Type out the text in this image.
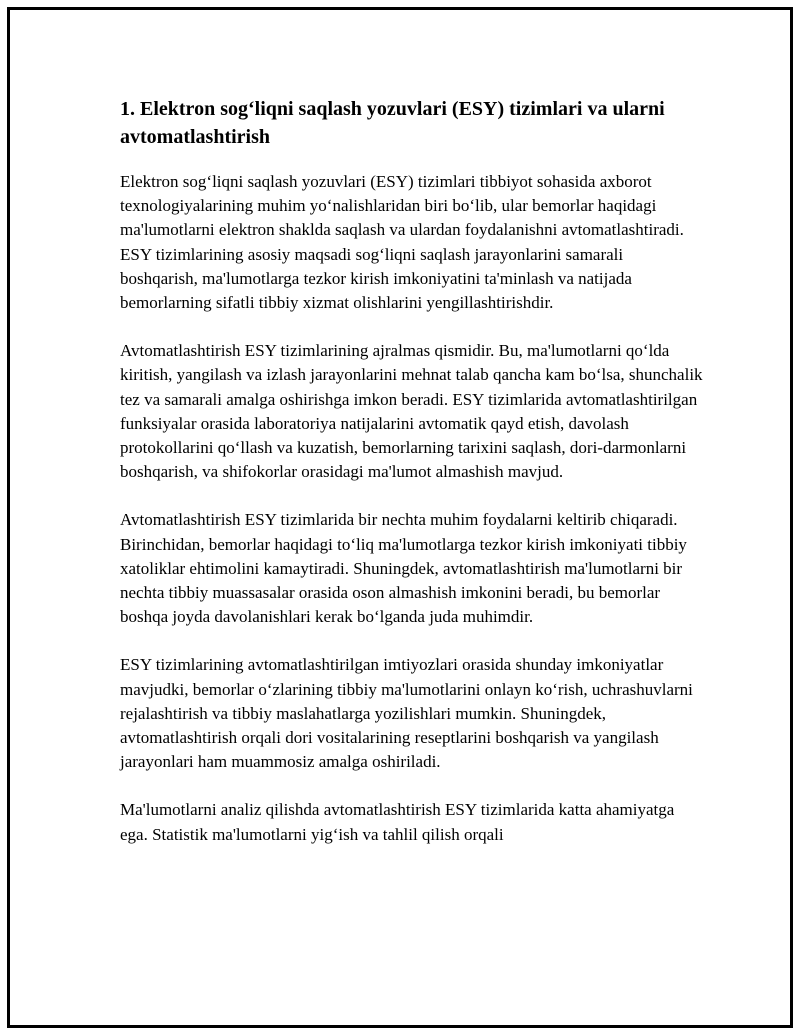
1. Elektron sog‘liqni saqlash yozuvlari (ESY) tizimlari va ularni avtomatlashtirish

Elektron sog‘liqni saqlash yozuvlari (ESY) tizimlari tibbiyot sohasida axborot texnologiyalarining muhim yo‘nalishlaridan biri bo‘lib, ular bemorlar haqidagi ma'lumotlarni elektron shaklda saqlash va ulardan foydalanishni avtomatlashtiradi. ESY tizimlarining asosiy maqsadi sog‘liqni saqlash jarayonlarini samarali boshqarish, ma'lumotlarga tezkor kirish imkoniyatini ta'minlash va natijada bemorlarning sifatli tibbiy xizmat olishlarini yengillashtirishdir.

Avtomatlashtirish ESY tizimlarining ajralmas qismidir. Bu, ma'lumotlarni qo‘lda kiritish, yangilash va izlash jarayonlarini mehnat talab qancha kam bo‘lsa, shunchalik tez va samarali amalga oshirishga imkon beradi. ESY tizimlarida avtomatlashtirilgan funksiyalar orasida laboratoriya natijalarini avtomatik qayd etish, davolash protokollarini qo‘llash va kuzatish, bemorlarning tarixini saqlash, dori-darmonlarni boshqarish, va shifokorlar orasidagi ma'lumot almashish mavjud.

Avtomatlashtirish ESY tizimlarida bir nechta muhim foydalarni keltirib chiqaradi. Birinchidan, bemorlar haqidagi to‘liq ma'lumotlarga tezkor kirish imkoniyati tibbiy xatoliklar ehtimolini kamaytiradi. Shuningdek, avtomatlashtirish ma'lumotlarni bir nechta tibbiy muassasalar orasida oson almashish imkonini beradi, bu bemorlar boshqa joyda davolanishlari kerak bo‘lganda juda muhimdir.

ESY tizimlarining avtomatlashtirilgan imtiyozlari orasida shunday imkoniyatlar mavjudki, bemorlar o‘zlarining tibbiy ma'lumotlarini onlayn ko‘rish, uchrashuvlarni rejalashtirish va tibbiy maslahatlarga yozilishlari mumkin. Shuningdek, avtomatlashtirish orqali dori vositalarining reseptlarini boshqarish va yangilash jarayonlari ham muammosiz amalga oshiriladi.

Ma'lumotlarni analiz qilishda avtomatlashtirish ESY tizimlarida katta ahamiyatga ega. Statistik ma'lumotlarni yig‘ish va tahlil qilish orqali
